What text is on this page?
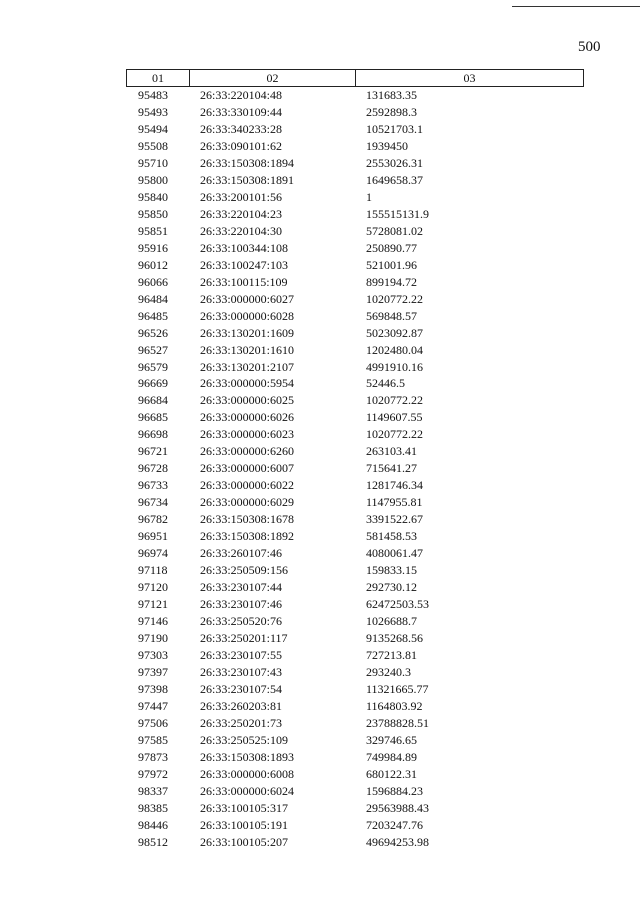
500
01	02	03
95483	26:33:220104:48	131683.35
95493	26:33:330109:44	2592898.3
95494	26:33:340233:28	10521703.1
95508	26:33:090101:62	1939450
95710	26:33:150308:1894	2553026.31
95800	26:33:150308:1891	1649658.37
95840	26:33:200101:56	1
95850	26:33:220104:23	155515131.9
95851	26:33:220104:30	5728081.02
95916	26:33:100344:108	250890.77
96012	26:33:100247:103	521001.96
96066	26:33:100115:109	899194.72
96484	26:33:000000:6027	1020772.22
96485	26:33:000000:6028	569848.57
96526	26:33:130201:1609	5023092.87
96527	26:33:130201:1610	1202480.04
96579	26:33:130201:2107	4991910.16
96669	26:33:000000:5954	52446.5
96684	26:33:000000:6025	1020772.22
96685	26:33:000000:6026	1149607.55
96698	26:33:000000:6023	1020772.22
96721	26:33:000000:6260	263103.41
96728	26:33:000000:6007	715641.27
96733	26:33:000000:6022	1281746.34
96734	26:33:000000:6029	1147955.81
96782	26:33:150308:1678	3391522.67
96951	26:33:150308:1892	581458.53
96974	26:33:260107:46	4080061.47
97118	26:33:250509:156	159833.15
97120	26:33:230107:44	292730.12
97121	26:33:230107:46	62472503.53
97146	26:33:250520:76	1026688.7
97190	26:33:250201:117	9135268.56
97303	26:33:230107:55	727213.81
97397	26:33:230107:43	293240.3
97398	26:33:230107:54	11321665.77
97447	26:33:260203:81	1164803.92
97506	26:33:250201:73	23788828.51
97585	26:33:250525:109	329746.65
97873	26:33:150308:1893	749984.89
97972	26:33:000000:6008	680122.31
98337	26:33:000000:6024	1596884.23
98385	26:33:100105:317	29563988.43
98446	26:33:100105:191	7203247.76
98512	26:33:100105:207	49694253.98
